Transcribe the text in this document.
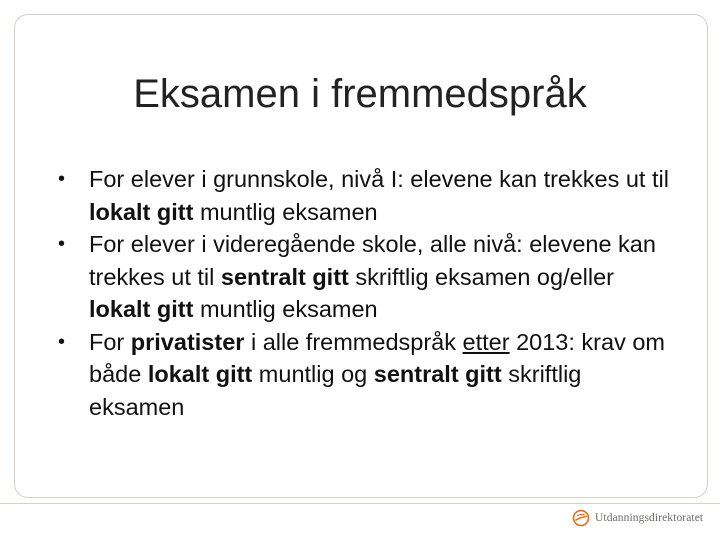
Eksamen i fremmedspråk
•	For elever i grunnskole, nivå I: elevene kan trekkes ut til lokalt gitt muntlig eksamen
•	For elever i videregående skole, alle nivå: elevene kan trekkes ut til sentralt gitt skriftlig eksamen og/eller lokalt gitt muntlig eksamen
•	For privatister i alle fremmedspråk etter 2013: krav om både lokalt gitt muntlig og sentralt gitt skriftlig eksamen
Utdanningsdirektoratet
